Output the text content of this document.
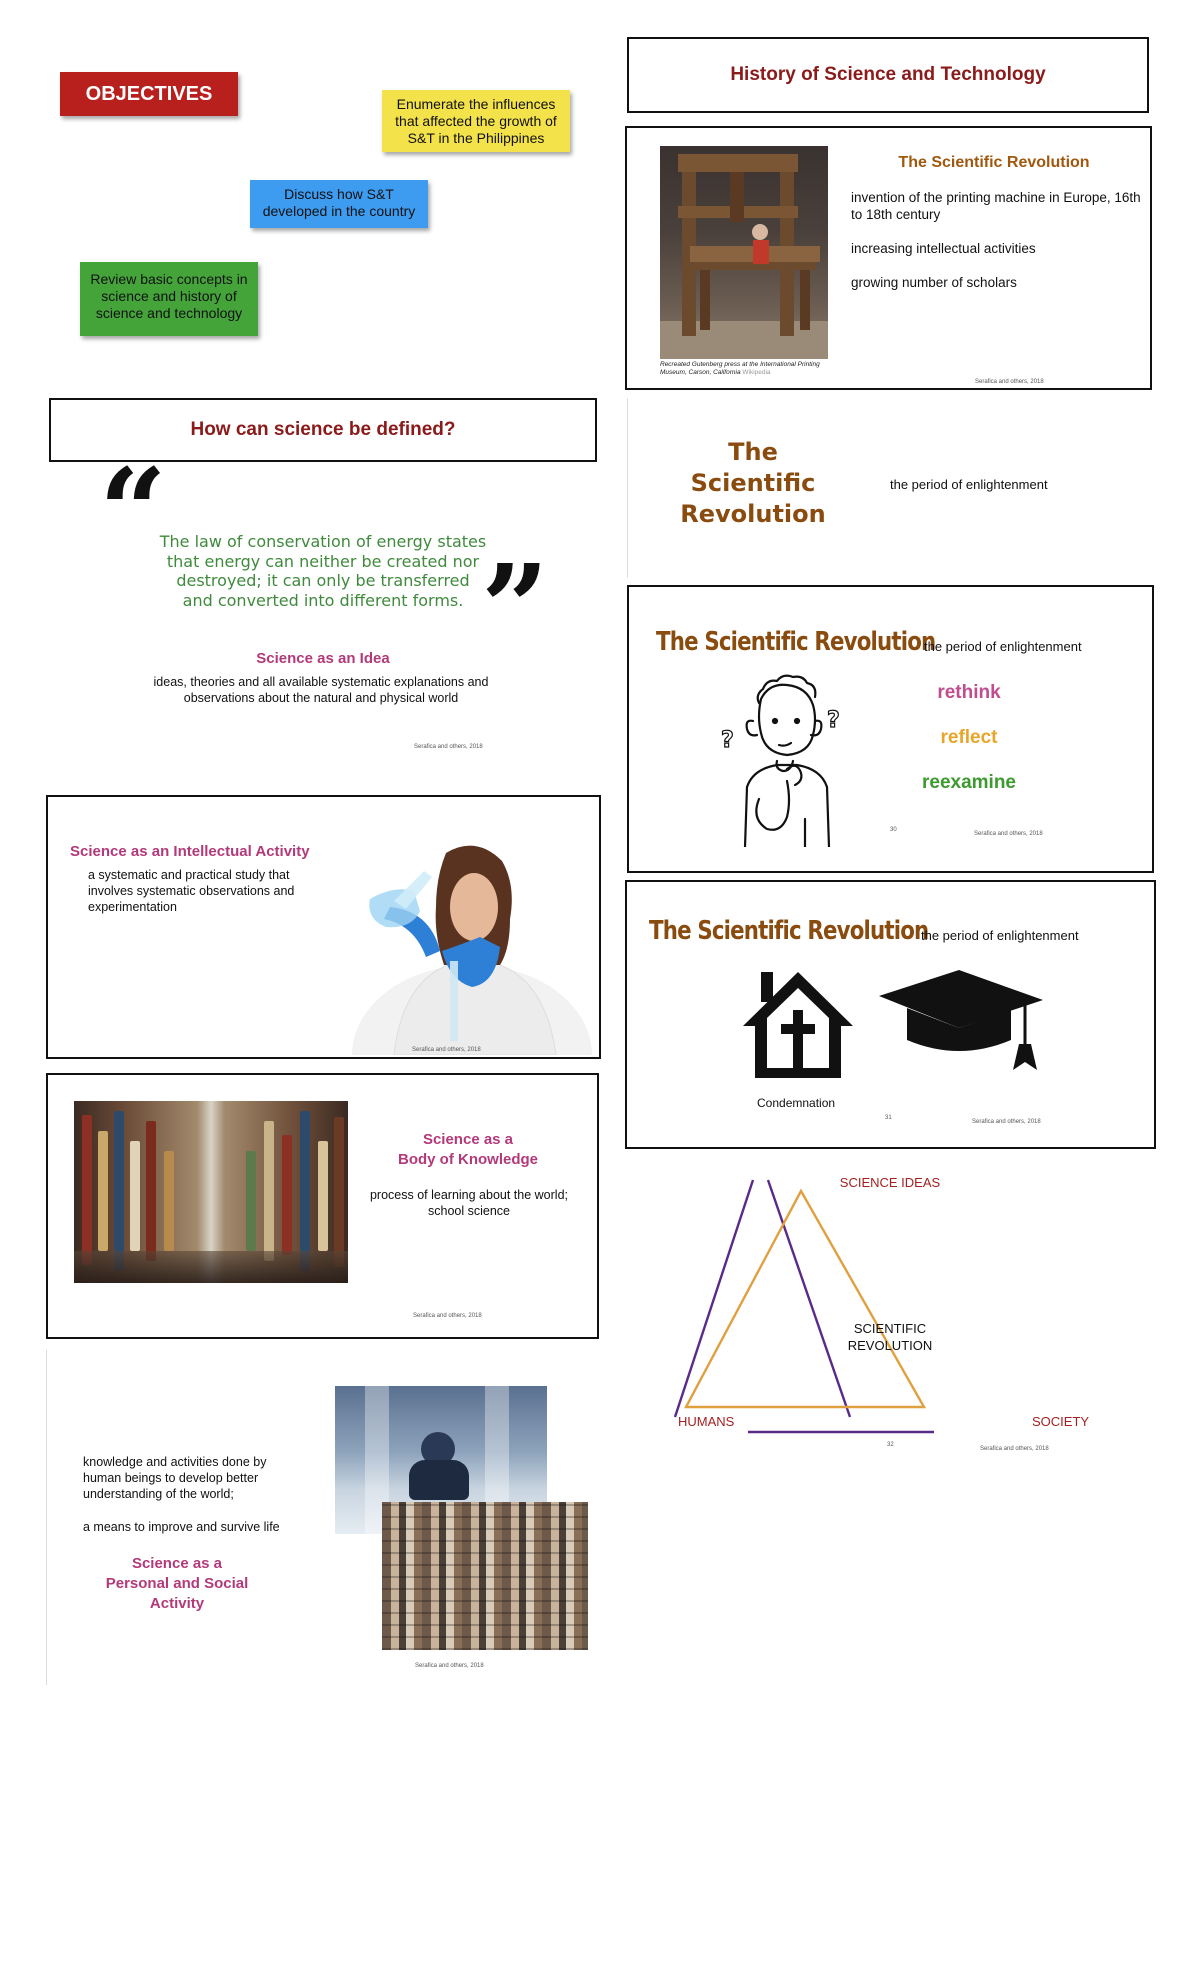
OBJECTIVES	Enumerate the influences that affected the growth of S&T in the Philippines
Discuss how S&T developed in the country
Review basic concepts in science and history of science and technology
History of Science and Technology
Recreated Gutenberg press at the International Printing Museum, Carson, California Wikipedia
The Scientific Revolution
invention of the printing machine in Europe, 16th to 18th century
increasing intellectual activities
growing number of scholars
Serafica and others, 2018
How can science be defined?
“
”
The law of conservation of energy states that energy can neither be created nor destroyed; it can only be transferred and converted into different forms.
Science as an Idea
ideas, theories and all available systematic explanations and observations about the natural and physical world
Serafica and others, 2018
The
Scientific
Revolution
the period of enlightenment
The Scientific Revolution
the period of enlightenment
?
?
rethink
reflect
reexamine
30
Serafica and others, 2018
Science as an Intellectual Activity
a systematic and practical study that involves systematic observations and experimentation
Serafica and others, 2018
The Scientific Revolution
the period of enlightenment
Condemnation
31
Serafica and others, 2018
Science as a
Body of Knowledge
process of learning about the world; school science
Serafica and others, 2018
SCIENCE IDEAS
HUMANS	SOCIETY
SCIENTIFIC
REVOLUTION
32
Serafica and others, 2018
knowledge and activities done by human beings to develop better understanding of the world;
a means to improve and survive life
Science as a
Personal and Social
Activity
Serafica and others, 2018
